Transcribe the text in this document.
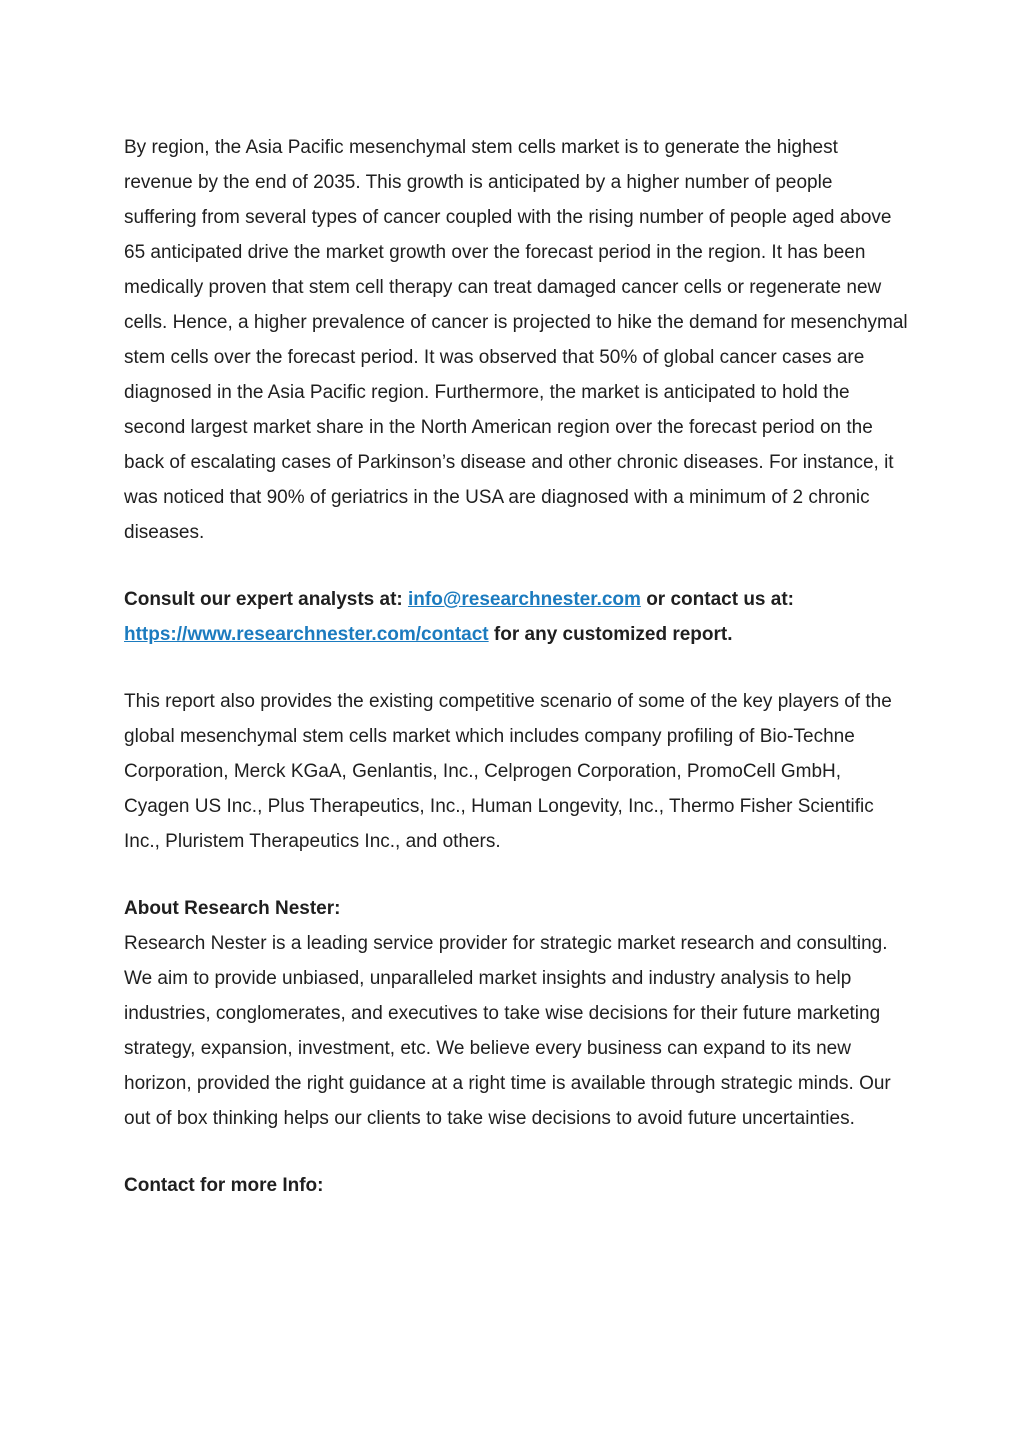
By region, the Asia Pacific mesenchymal stem cells market is to generate the highest revenue by the end of 2035. This growth is anticipated by a higher number of people suffering from several types of cancer coupled with the rising number of people aged above 65 anticipated drive the market growth over the forecast period in the region. It has been medically proven that stem cell therapy can treat damaged cancer cells or regenerate new cells. Hence, a higher prevalence of cancer is projected to hike the demand for mesenchymal stem cells over the forecast period. It was observed that 50% of global cancer cases are diagnosed in the Asia Pacific region. Furthermore, the market is anticipated to hold the second largest market share in the North American region over the forecast period on the back of escalating cases of Parkinson’s disease and other chronic diseases. For instance, it was noticed that 90% of geriatrics in the USA are diagnosed with a minimum of 2 chronic diseases.

Consult our expert analysts at: info@researchnester.com or contact us at: https://www.researchnester.com/contact for any customized report.

This report also provides the existing competitive scenario of some of the key players of the global mesenchymal stem cells market which includes company profiling of Bio-Techne Corporation, Merck KGaA, Genlantis, Inc., Celprogen Corporation, PromoCell GmbH, Cyagen US Inc., Plus Therapeutics, Inc., Human Longevity, Inc., Thermo Fisher Scientific Inc., Pluristem Therapeutics Inc., and others.

About Research Nester:

Research Nester is a leading service provider for strategic market research and consulting. We aim to provide unbiased, unparalleled market insights and industry analysis to help industries, conglomerates, and executives to take wise decisions for their future marketing strategy, expansion, investment, etc. We believe every business can expand to its new horizon, provided the right guidance at a right time is available through strategic minds. Our out of box thinking helps our clients to take wise decisions to avoid future uncertainties.

Contact for more Info:
